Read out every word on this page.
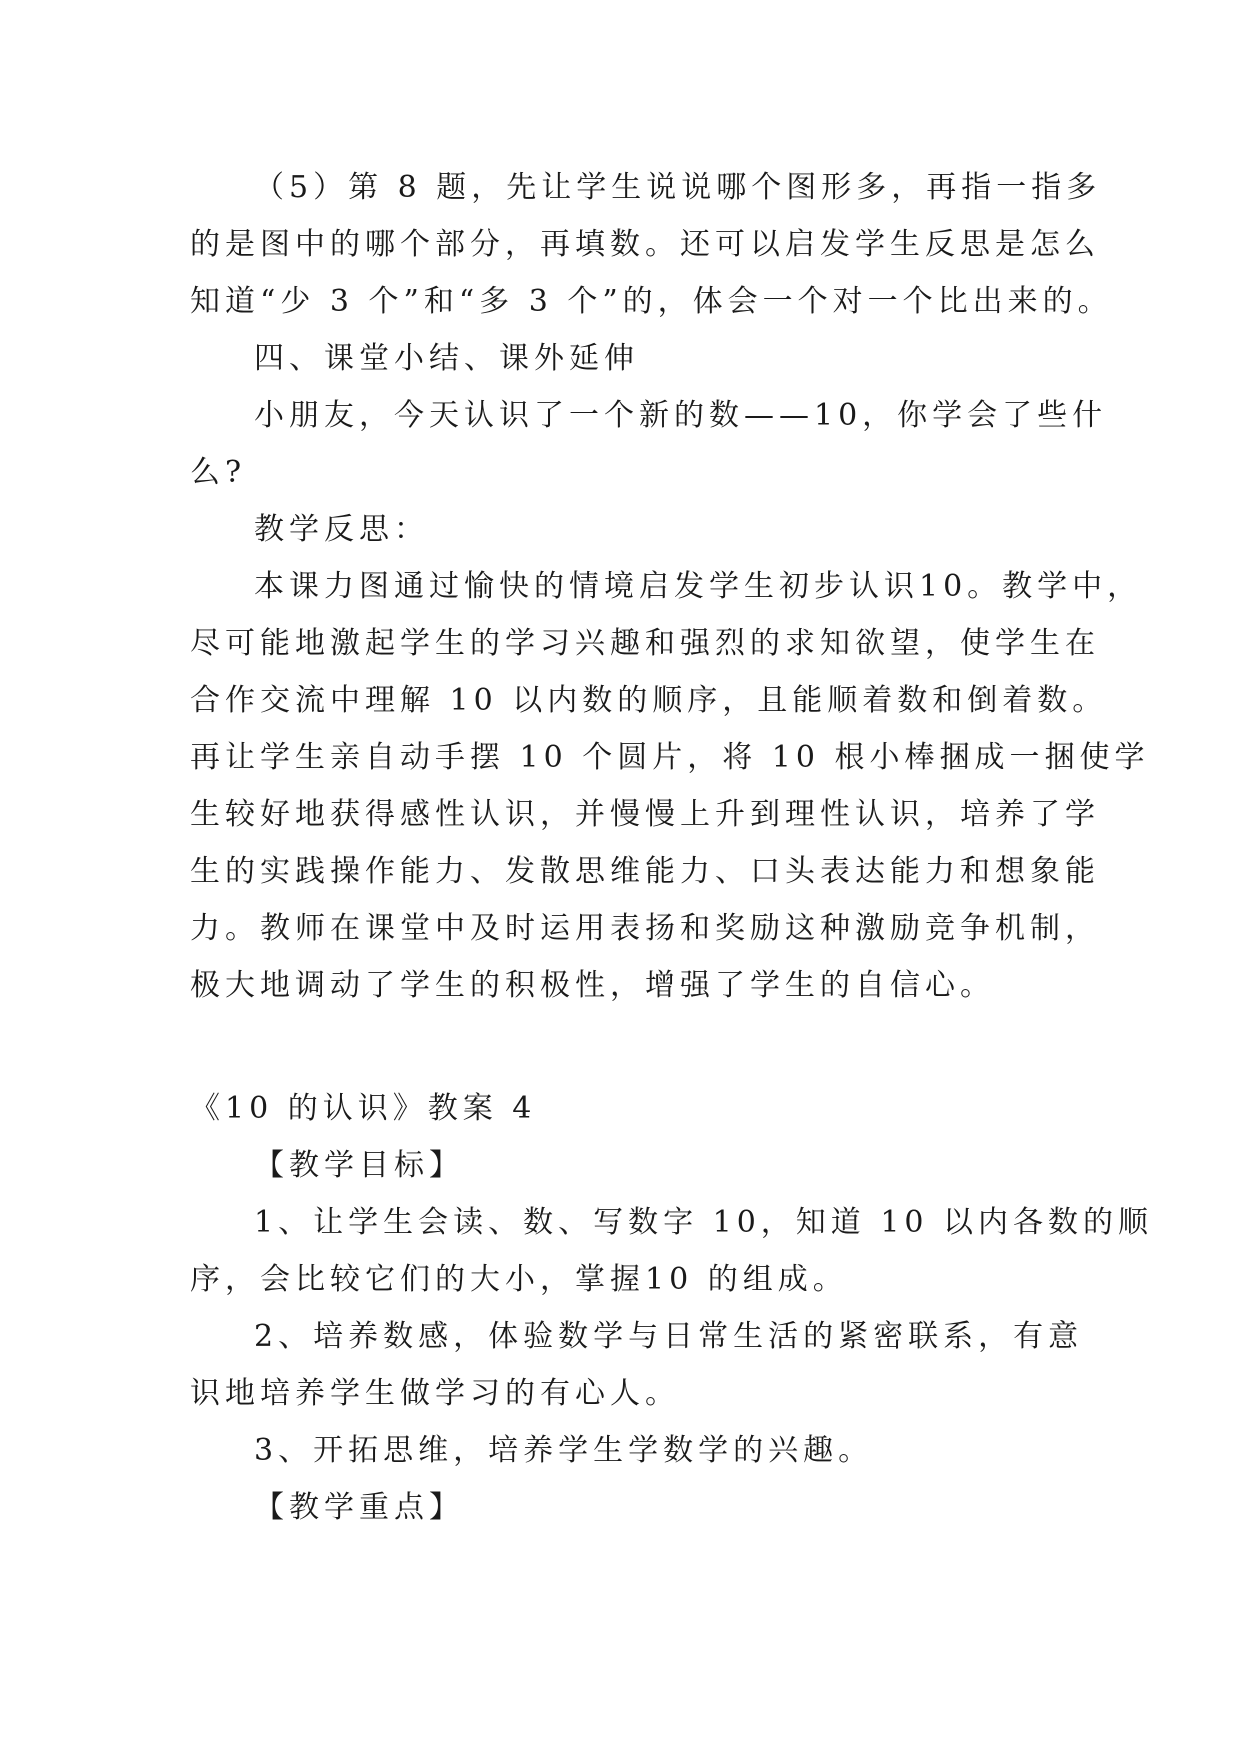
（5）第 8 题，先让学生说说哪个图形多，再指一指多
的是图中的哪个部分，再填数。还可以启发学生反思是怎么
知道“少 3 个”和“多 3 个”的，体会一个对一个比出来的。
四、课堂小结、课外延伸
小朋友，今天认识了一个新的数——10，你学会了些什
么?
教学反思：
本课力图通过愉快的情境启发学生初步认识10。教学中，
尽可能地激起学生的学习兴趣和强烈的求知欲望，使学生在
合作交流中理解 10 以内数的顺序，且能顺着数和倒着数。
再让学生亲自动手摆 10 个圆片，将 10 根小棒捆成一捆使学
生较好地获得感性认识，并慢慢上升到理性认识，培养了学
生的实践操作能力、发散思维能力、口头表达能力和想象能
力。教师在课堂中及时运用表扬和奖励这种激励竞争机制，
极大地调动了学生的积极性，增强了学生的自信心。
《10 的认识》教案 4
【教学目标】
1、让学生会读、数、写数字 10，知道 10 以内各数的顺
序，会比较它们的大小，掌握10 的组成。
2、培养数感，体验数学与日常生活的紧密联系，有意
识地培养学生做学习的有心人。
3、开拓思维，培养学生学数学的兴趣。
【教学重点】
